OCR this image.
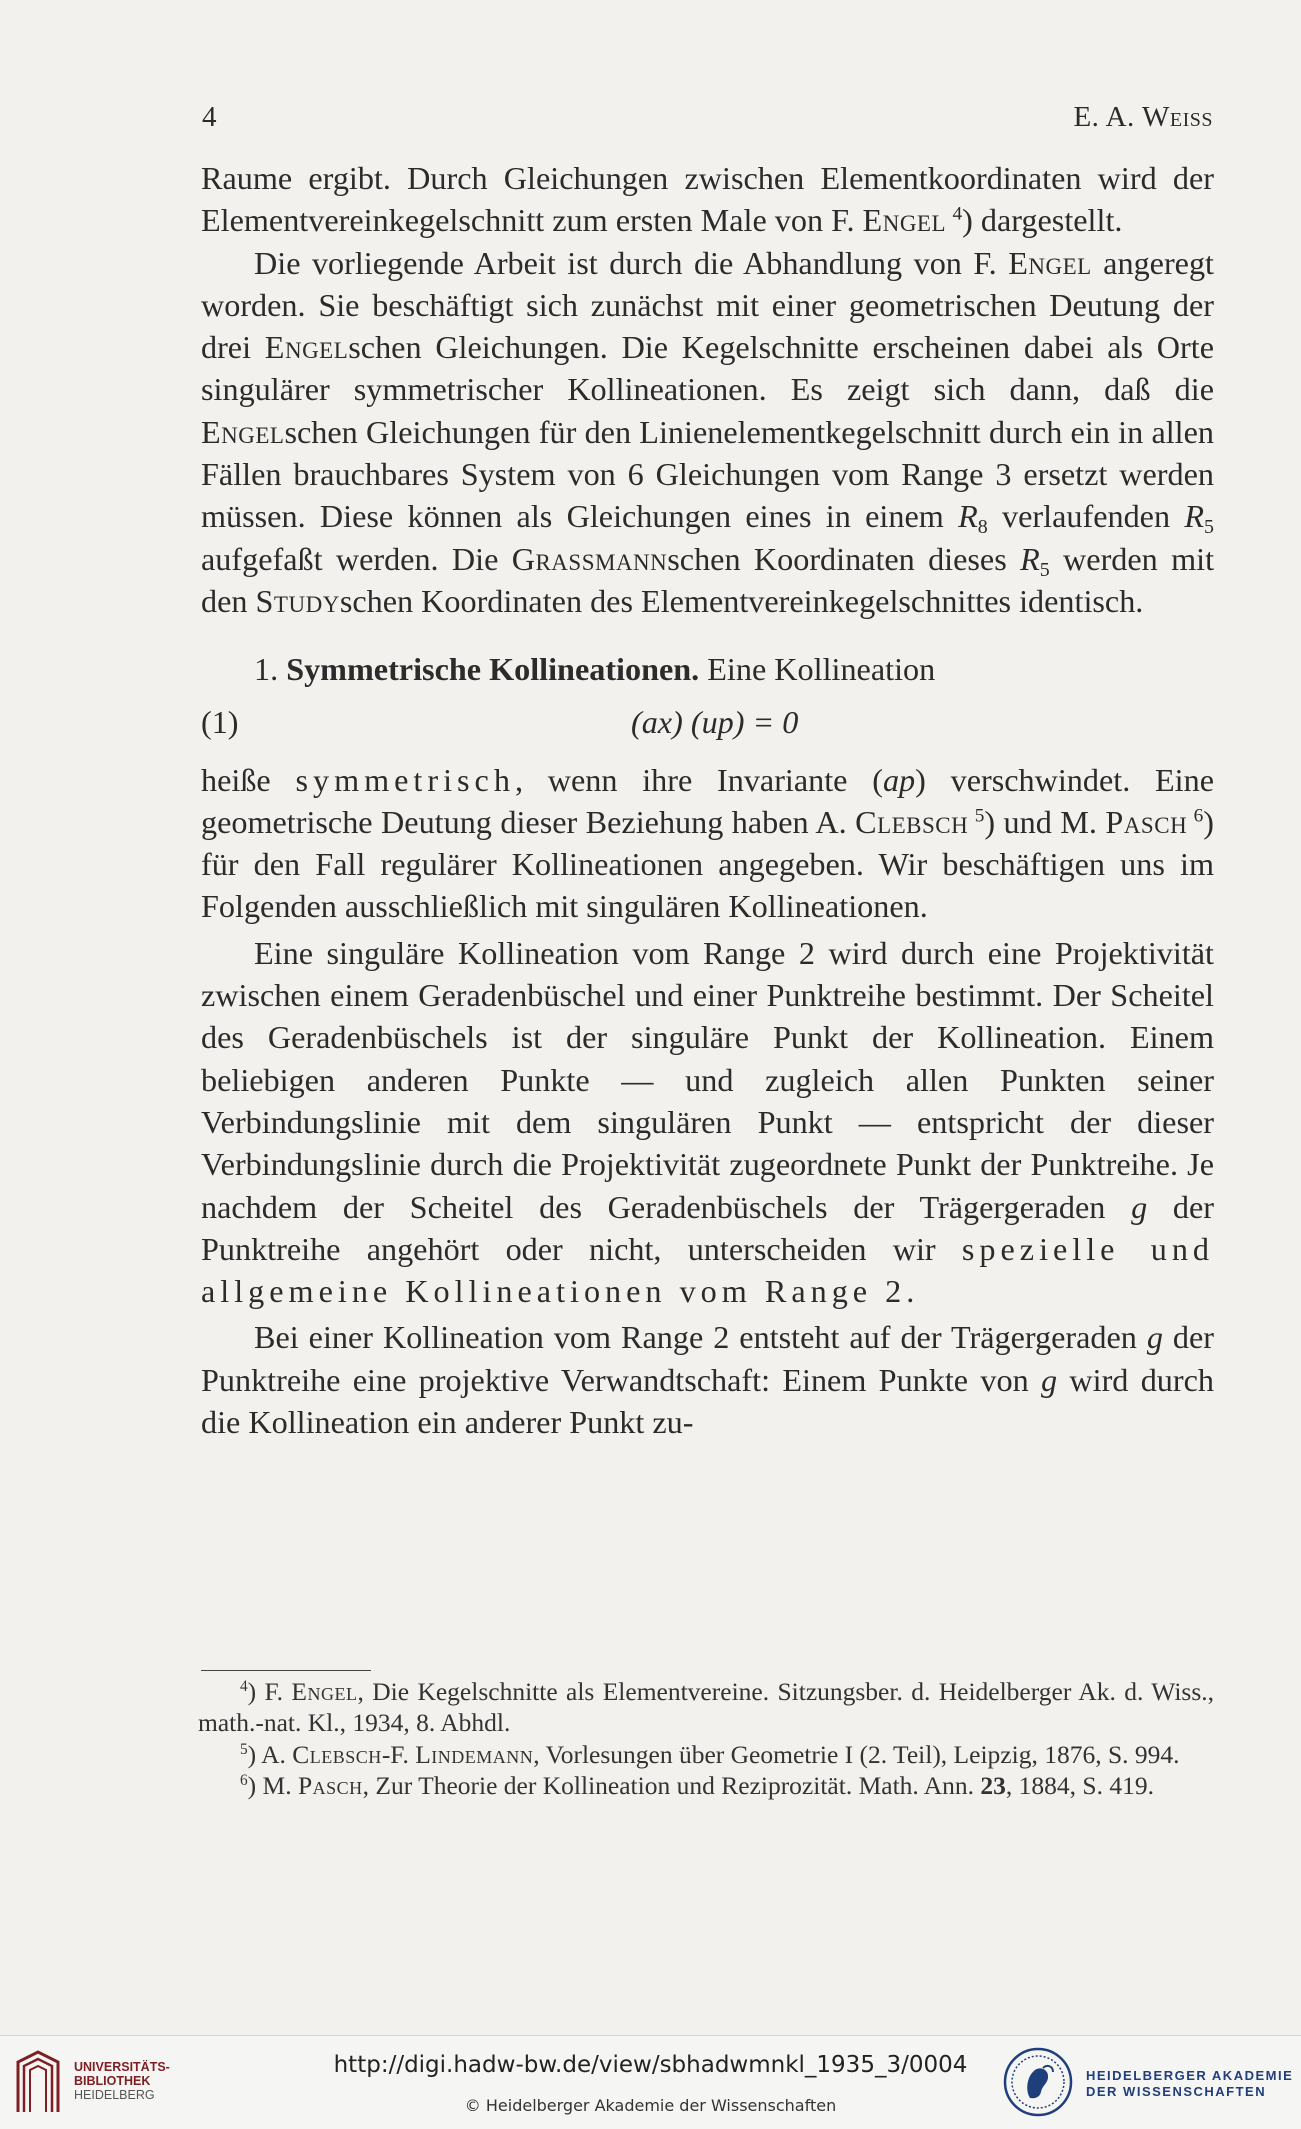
4	E. A. Weiss

Raume ergibt. Durch Gleichungen zwischen Elementkoordinaten wird der Elementvereinkegelschnitt zum ersten Male von F. Engel  $^4$) dargestellt.

Die vorliegende Arbeit ist durch die Abhandlung von F. Engel angeregt worden. Sie beschäftigt sich zunächst mit einer geometrischen Deutung der drei Engelschen Gleichungen. Die Kegelschnitte erscheinen dabei als Orte singulärer symmetrischer Kollineationen. Es zeigt sich dann, daß die Engelschen Gleichungen für den Linienelementkegelschnitt durch ein in allen Fällen brauchbares System von 6 Gleichungen vom Range 3 ersetzt werden müssen. Diese können als Gleichungen eines in einem $R_8$ verlaufenden $R_5$ aufgefaßt werden. Die Grassmannschen Koordinaten dieses $R_5$ werden mit den Studyschen Koordinaten des Elementvereinkegelschnittes identisch.

1. Symmetrische Kollineationen. Eine Kollineation

(1)	(ax) (up) = 0

heiße symmetrisch, wenn ihre Invariante (ap) verschwindet. Eine geometrische Deutung dieser Beziehung haben A. Clebsch  $^5$) und M. Pasch  $^6$) für den Fall regulärer Kollineationen angegeben. Wir beschäftigen uns im Folgenden ausschließlich mit singulären Kollineationen.

Eine singuläre Kollineation vom Range 2 wird durch eine Projektivität zwischen einem Geradenbüschel und einer Punktreihe bestimmt. Der Scheitel des Geradenbüschels ist der singuläre Punkt der Kollineation. Einem beliebigen anderen Punkte — und zugleich allen Punkten seiner Verbindungslinie mit dem singulären Punkt — entspricht der dieser Verbindungslinie durch die Projektivität zugeordnete Punkt der Punktreihe. Je nachdem der Scheitel des Geradenbüschels der Trägergeraden g der Punktreihe angehört oder nicht, unterscheiden wir spezielle und allgemeine Kollineationen vom Range 2.

Bei einer Kollineation vom Range 2 entsteht auf der Trägergeraden g der Punktreihe eine projektive Verwandtschaft: Einem Punkte von g wird durch die Kollineation ein anderer Punkt zu-

$^4$) F. Engel, Die Kegelschnitte als Elementvereine. Sitzungsber. d. Heidelberger Ak. d. Wiss., math.-nat. Kl., 1934, 8. Abhdl.

$^5$) A. Clebsch-F. Lindemann, Vorlesungen über Geometrie I (2. Teil), Leipzig, 1876, S. 994.

$^6$) M. Pasch, Zur Theorie der Kollineation und Reziprozität. Math. Ann. 23, 1884, S. 419.

UNIVERSITÄTS-
BIBLIOTHEK
HEIDELBERG
http://digi.hadw-bw.de/view/sbhadwmnkl_1935_3/0004
© Heidelberger Akademie der Wissenschaften
HEIDELBERGER AKADEMIE
DER WISSENSCHAFTEN
